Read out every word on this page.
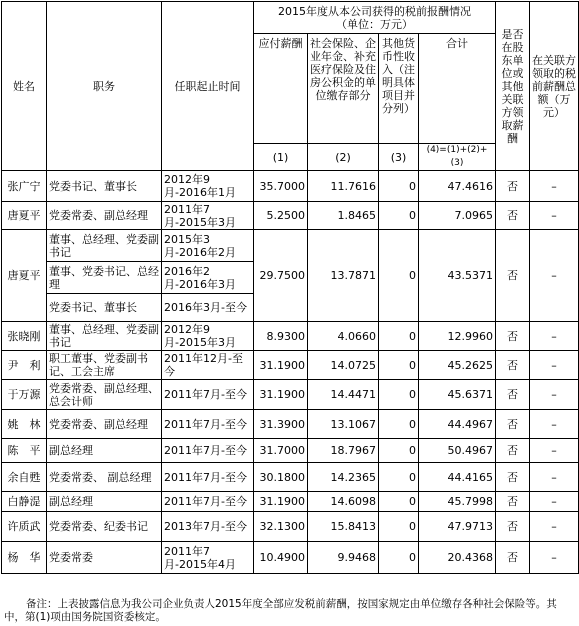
姓名	职务	任职起止时间	2015年度从本公司获得的税前报酬情况
（单位：万元）				是否在股东单位或其他关联方领取薪酬	在关联方领取的税前薪酬总额（万元）
			应付薪酬	社会保险、企业年金、补充医疗保险及住房公积金的单位缴存部分	其他货币性收入（注明具体项目并分列）	合计		
			(1)	(2)	(3)	(4)=(1)+(2)+(3)		
张广宁	党委书记、董事长	2012年9月-2016年1月	35.7000	11.7616	0	47.4616	否	–
唐夏平	党委常委、副总经理	2011年7月-2015年3月	5.2500	1.8465	0	7.0965	否	–
唐夏平	董事、总经理、党委副书记	2015年3月-2016年2月	29.7500	13.7871	0	43.5371	否	–
	董事、党委书记、总经理	2016年2月-2016年3月						
	党委书记、董事长	2016年3月-至今						
张晓刚	董事、总经理、党委副书记	2012年9月-2015年3月	8.9300	4.0660	0	12.9960	否	–
尹　利	职工董事、党委副书记、工会主席	2011年12月-至今	31.1900	14.0725	0	45.2625	否	–
于万源	党委常委、副总经理、总会计师	2011年7月-至今	31.1900	14.4471	0	45.6371	否	–
姚　林	党委常委、副总经理	2011年7月-至今	31.3900	13.1067	0	44.4967	否	–
陈　平	副总经理	2011年7月-至今	31.7000	18.7967	0	50.4967	否	–
余自甦	党委常委、 副总经理	2011年7月-至今	30.1800	14.2365	0	44.4165	否	–
白静湜	副总经理	2011年7月-至今	31.1900	14.6098	0	45.7998	否	–
许质武	党委常委、纪委书记	2013年7月-至今	32.1300	15.8413	0	47.9713	否	–
杨　华	党委常委	2011年7月-2015年4月	10.4900	9.9468	0	20.4368	否	–
备注：上表披露信息为我公司企业负责人2015年度全部应发税前薪酬，按国家规定由单位缴存各种社会保险等。其中，第(1)项由国务院国资委核定。
